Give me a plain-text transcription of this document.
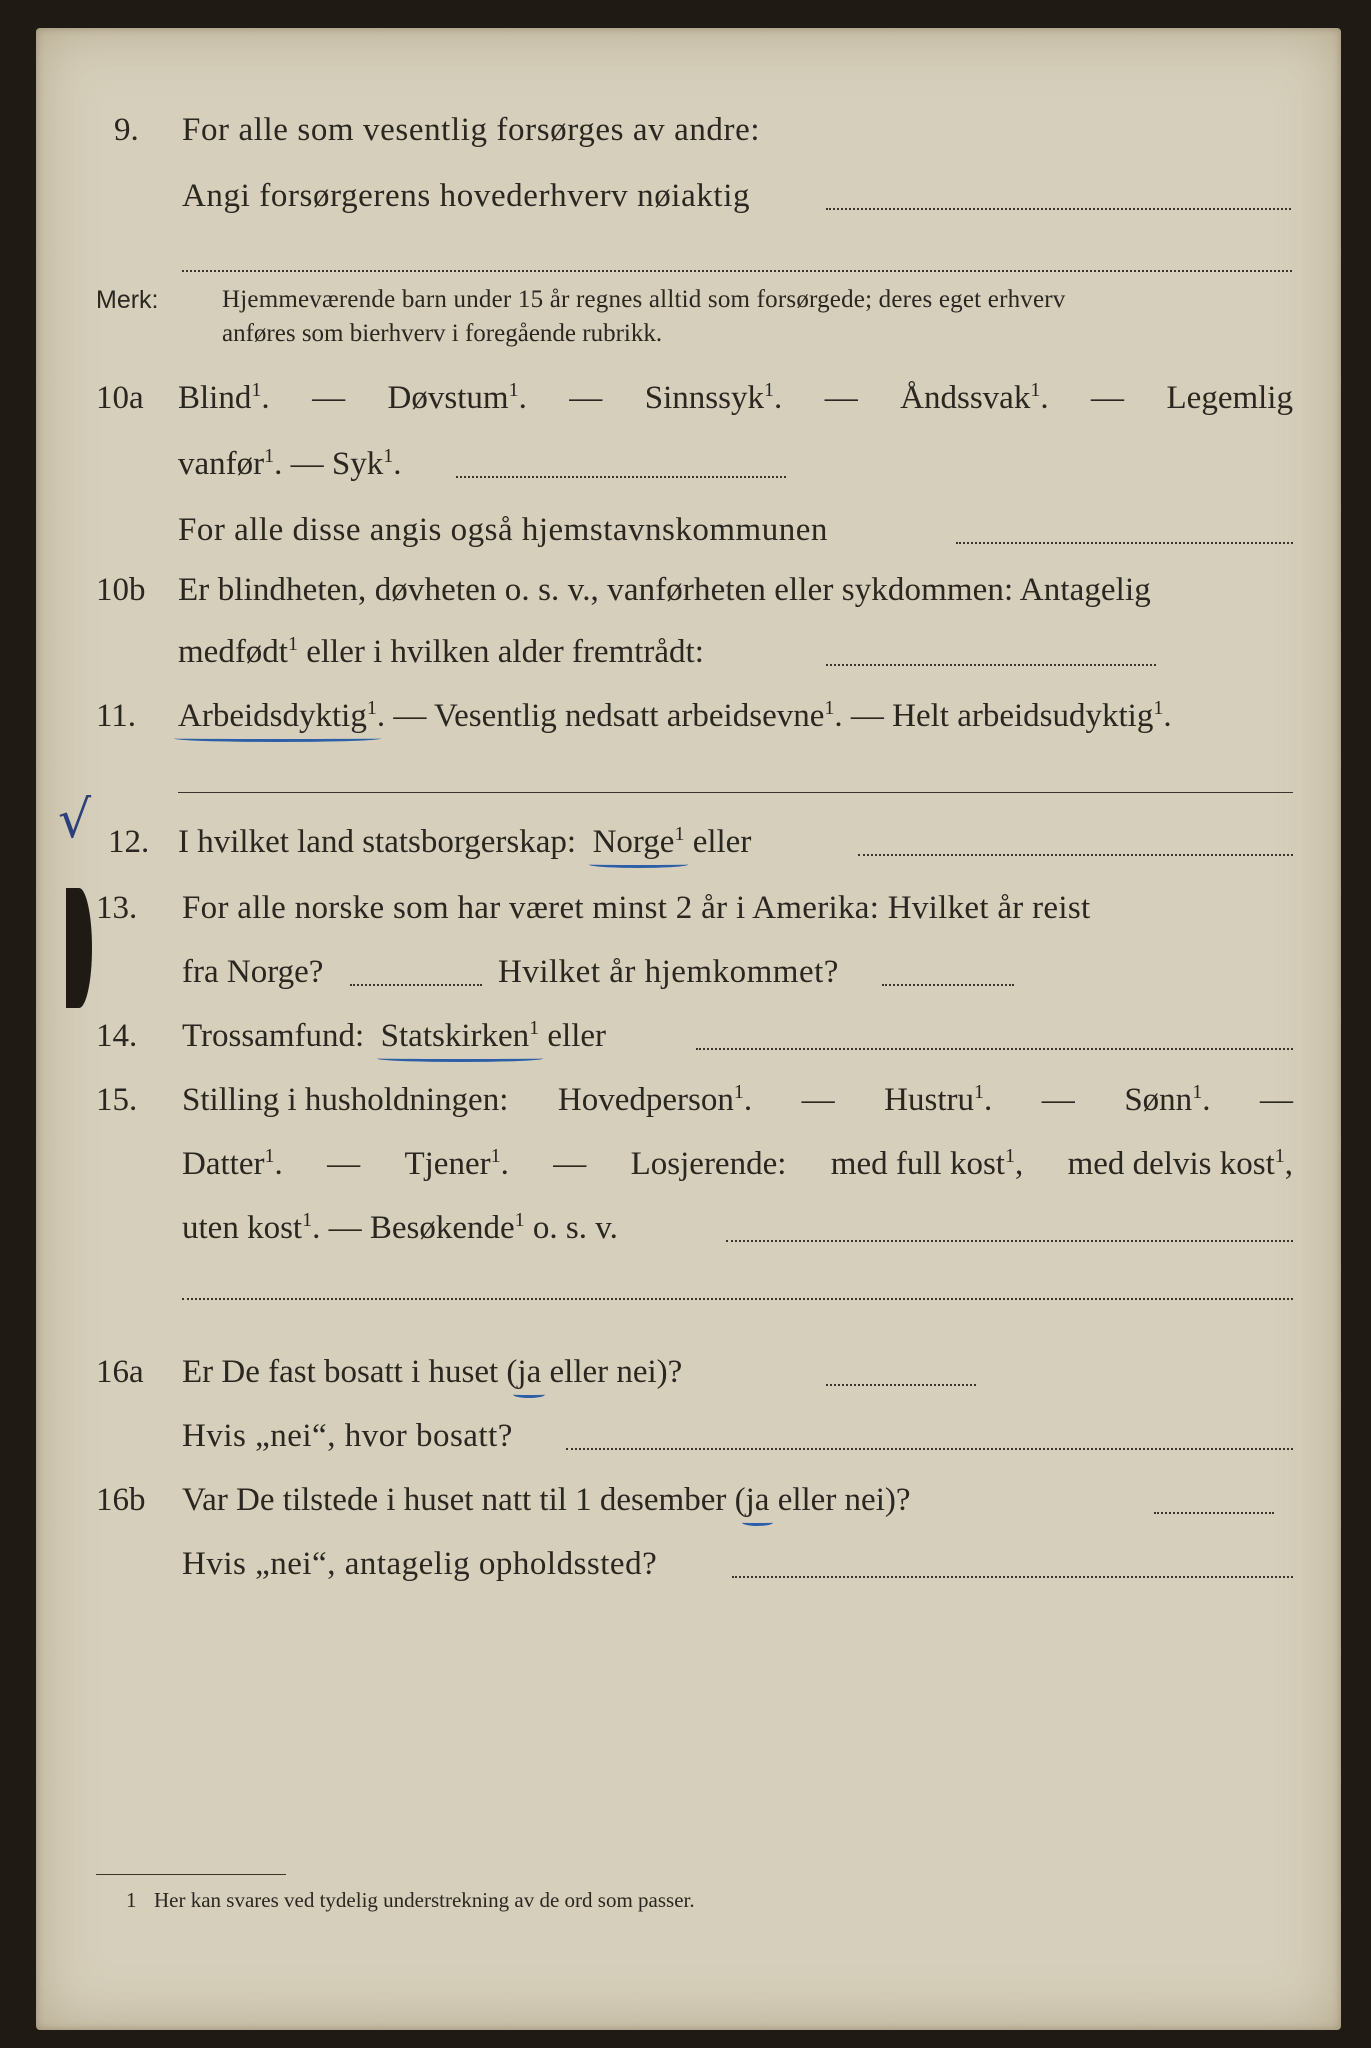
9. For alle som vesentlig forsørges av andre:
Angi forsørgerens hovederhverv nøiaktig
Merk:	Hjemmeværende barn under 15 år regnes alltid som forsørgede; deres eget erhverv
anføres som bierhverv i foregående rubrikk.
10a Blind$^1$. — Døvstum$^1$. — Sinnssyk$^1$. — Åndssvak$^1$. — Legemlig
vanfør$^1$. — Syk$^1$.
For alle disse angis også hjemstavnskommunen
10b Er blindheten, døvheten o. s. v., vanførheten eller sykdommen: Antagelig
medfødt$^1$ eller i hvilken alder fremtrådt:
11. Arbeidsdyktig$^1$. — Vesentlig nedsatt arbeidsevne$^1$. — Helt arbeidsudyktig$^1$.
√ 12. I hvilket land statsborgerskap: Norge$^1$ eller
13. For alle norske som har været minst 2 år i Amerika: Hvilket år reist
fra Norge?	Hvilket år hjemkommet?
14. Trossamfund: Statskirken$^1$ eller
15. Stilling i husholdningen: Hovedperson$^1$. — Hustru$^1$. — Sønn$^1$. —
Datter$^1$. — Tjener$^1$. — Losjerende: med full kost$^1$, med delvis kost$^1$,
uten kost$^1$. — Besøkende$^1$ o. s. v.
16a Er De fast bosatt i huset (ja eller nei)?
Hvis „nei“, hvor bosatt?
16b Var De tilstede i huset natt til 1 desember (ja eller nei)?
Hvis „nei“, antagelig opholdssted?
1 Her kan svares ved tydelig understrekning av de ord som passer.
